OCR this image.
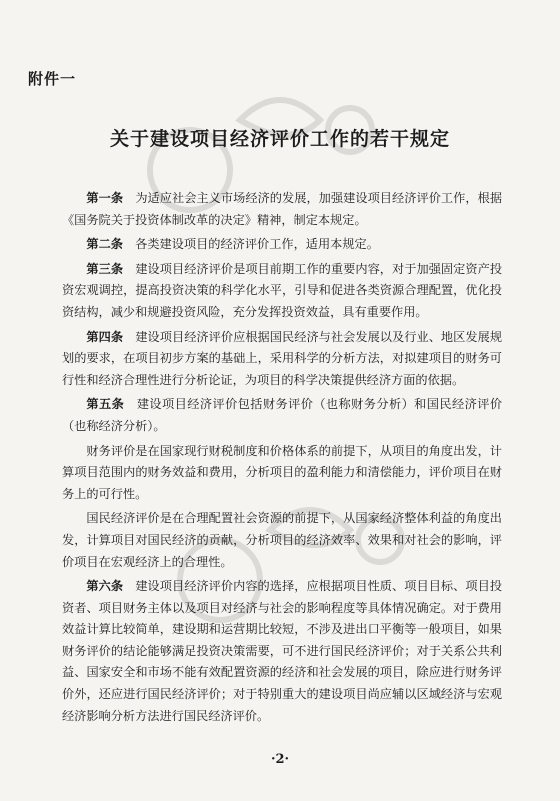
附件一
关于建设项目经济评价工作的若干规定

第一条　 为适应社会主义市场经济的发展，加强建设项目经济评价工作，根据《国务院关于投资体制改革的决定》精神，制定本规定。

第二条　 各类建设项目的经济评价工作，适用本规定。

第三条　 建设项目经济评价是项目前期工作的重要内容，对于加强固定资产投资宏观调控，提高投资决策的科学化水平，引导和促进各类资源合理配置，优化投资结构，减少和规避投资风险，充分发挥投资效益，具有重要作用。

第四条　 建设项目经济评价应根据国民经济与社会发展以及行业、地区发展规划的要求，在项目初步方案的基础上，采用科学的分析方法，对拟建项目的财务可行性和经济合理性进行分析论证，为项目的科学决策提供经济方面的依据。

第五条　 建设项目经济评价包括财务评价（也称财务分析）和国民经济评价（也称经济分析）。

财务评价是在国家现行财税制度和价格体系的前提下，从项目的角度出发，计算项目范围内的财务效益和费用，分析项目的盈利能力和清偿能力，评价项目在财务上的可行性。

国民经济评价是在合理配置社会资源的前提下，从国家经济整体利益的角度出发，计算项目对国民经济的贡献，分析项目的经济效率、效果和对社会的影响，评价项目在宏观经济上的合理性。

第六条　 建设项目经济评价内容的选择，应根据项目性质、项目目标、项目投资者、项目财务主体以及项目对经济与社会的影响程度等具体情况确定。对于费用效益计算比较简单，建设期和运营期比较短，不涉及进出口平衡等一般项目，如果财务评价的结论能够满足投资决策需要，可不进行国民经济评价；对于关系公共利益、国家安全和市场不能有效配置资源的经济和社会发展的项目，除应进行财务评价外，还应进行国民经济评价；对于特别重大的建设项目尚应辅以区域经济与宏观经济影响分析方法进行国民经济评价。

·2·
